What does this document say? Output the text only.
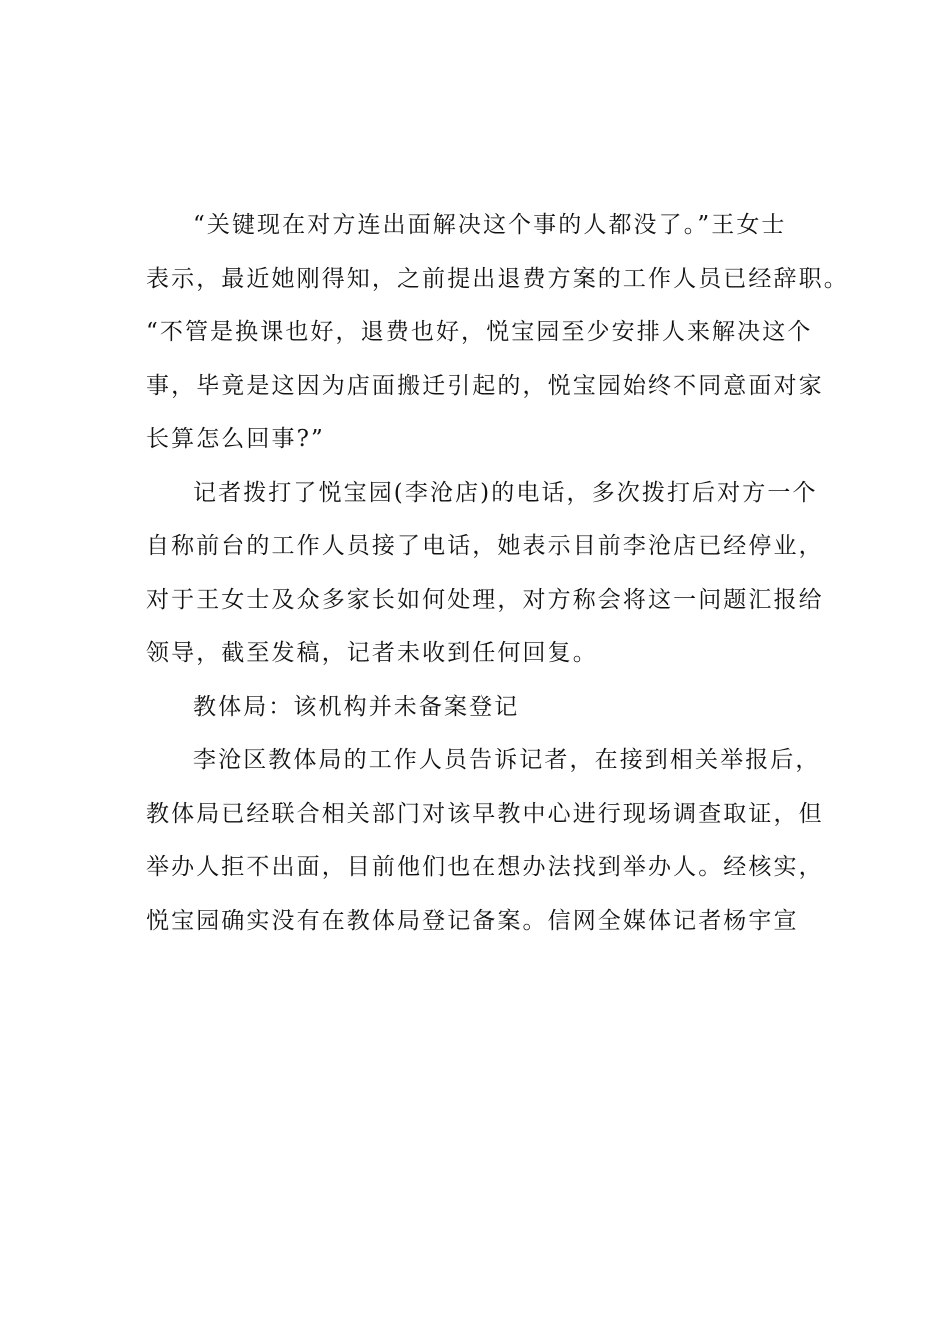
“关键现在对方连出面解决这个事的人都没了。”王女士
表示，最近她刚得知，之前提出退费方案的工作人员已经辞职。
“不管是换课也好，退费也好，悦宝园至少安排人来解决这个
事，毕竟是这因为店面搬迁引起的，悦宝园始终不同意面对家
长算怎么回事?”
记者拨打了悦宝园(李沧店)的电话，多次拨打后对方一个
自称前台的工作人员接了电话，她表示目前李沧店已经停业，
对于王女士及众多家长如何处理，对方称会将这一问题汇报给
领导，截至发稿，记者未收到任何回复。
教体局：该机构并未备案登记
李沧区教体局的工作人员告诉记者，在接到相关举报后，
教体局已经联合相关部门对该早教中心进行现场调查取证，但
举办人拒不出面，目前他们也在想办法找到举办人。经核实，
悦宝园确实没有在教体局登记备案。信网全媒体记者杨宇宣
